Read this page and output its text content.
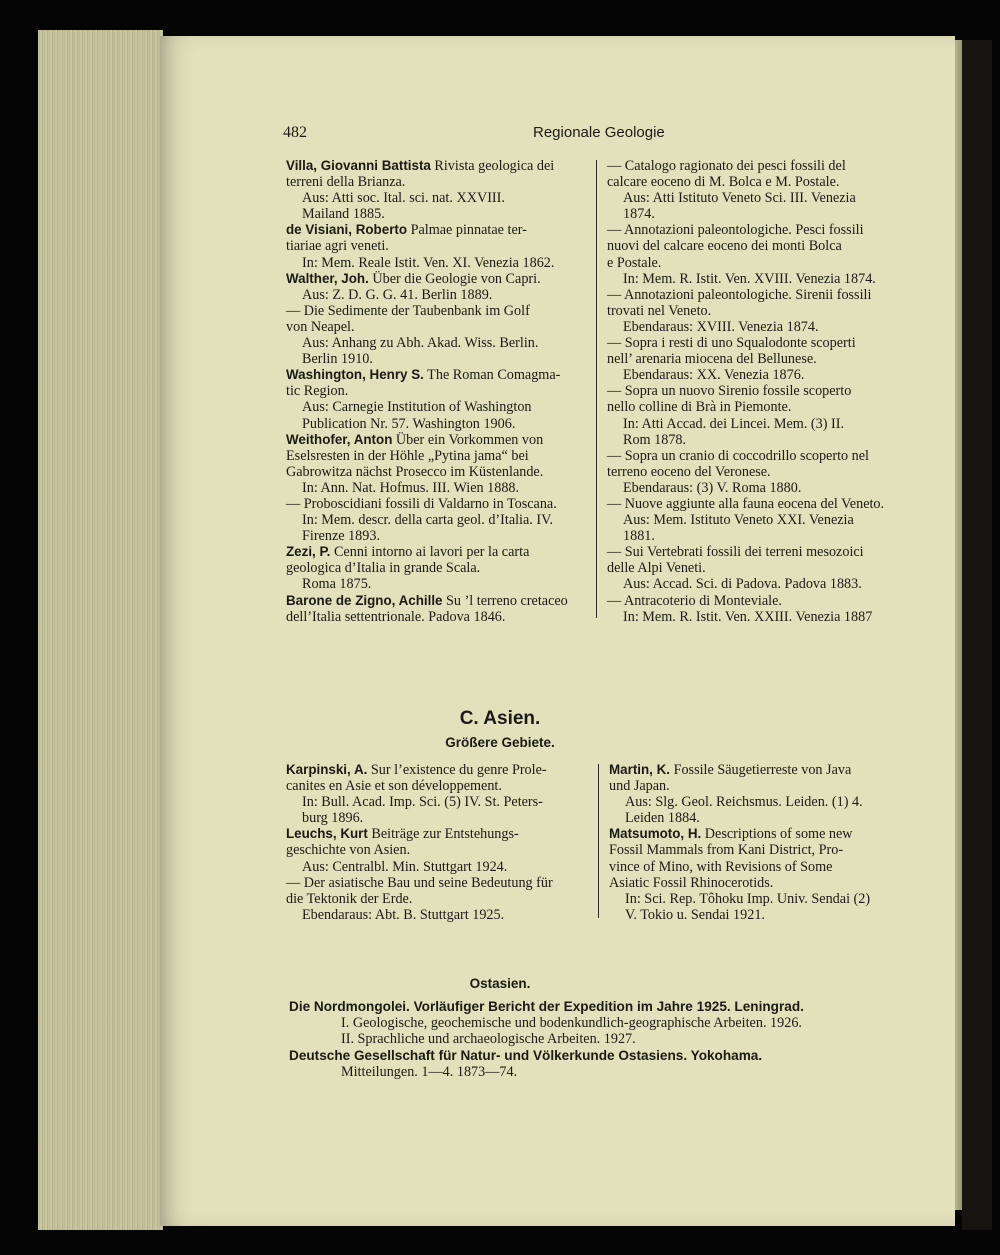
482	Regionale Geologie

Villa, Giovanni Battista Rivista geologica dei

terreni della Brianza.

Aus: Atti soc. Ital. sci. nat. XXVIII.

Mailand 1885.

de Visiani, Roberto Palmae pinnatae ter-

tiariae agri veneti.

In: Mem. Reale Istit. Ven. XI. Venezia 1862.

Walther, Joh. Über die Geologie von Capri.

Aus: Z. D. G. G. 41. Berlin 1889.

— Die Sedimente der Taubenbank im Golf

von Neapel.

Aus: Anhang zu Abh. Akad. Wiss. Berlin.

Berlin 1910.

Washington, Henry S. The Roman Comagma-

tic Region.

Aus: Carnegie Institution of Washington

Publication Nr. 57. Washington 1906.

Weithofer, Anton Über ein Vorkommen von

Eselsresten in der Höhle „Pytina jama“ bei

Gabrowitza nächst Prosecco im Küstenlande.

In: Ann. Nat. Hofmus. III. Wien 1888.

— Proboscidiani fossili di Valdarno in Toscana.

In: Mem. descr. della carta geol. d’Italia. IV.

Firenze 1893.

Zezi, P. Cenni intorno ai lavori per la carta

geologica d’Italia in grande Scala.

Roma 1875.

Barone de Zigno, Achille Su ’l terreno cretaceo

dell’Italia settentrionale. Padova 1846.

— Catalogo ragionato dei pesci fossili del

calcare eoceno di M. Bolca e M. Postale.

Aus: Atti Istituto Veneto Sci. III. Venezia

1874.

— Annotazioni paleontologiche. Pesci fossili

nuovi del calcare eoceno dei monti Bolca

e Postale.

In: Mem. R. Istit. Ven. XVIII. Venezia 1874.

— Annotazioni paleontologiche. Sirenii fossili

trovati nel Veneto.

Ebendaraus: XVIII. Venezia 1874.

— Sopra i resti di uno Squalodonte scoperti

nell’ arenaria miocena del Bellunese.

Ebendaraus: XX. Venezia 1876.

— Sopra un nuovo Sirenio fossile scoperto

nello colline di Brà in Piemonte.

In: Atti Accad. dei Lincei. Mem. (3) II.

Rom 1878.

— Sopra un cranio di coccodrillo scoperto nel

terreno eoceno del Veronese.

Ebendaraus: (3) V. Roma 1880.

— Nuove aggiunte alla fauna eocena del Veneto.

Aus: Mem. Istituto Veneto XXI. Venezia

1881.

— Sui Vertebrati fossili dei terreni mesozoici

delle Alpi Veneti.

Aus: Accad. Sci. di Padova. Padova 1883.

— Antracoterio di Monteviale.

In: Mem. R. Istit. Ven. XXIII. Venezia 1887

C. Asien.
Größere Gebiete.

Karpinski, A. Sur l’existence du genre Prole-

canites en Asie et son développement.

In: Bull. Acad. Imp. Sci. (5) IV. St. Peters-

burg 1896.

Leuchs, Kurt Beiträge zur Entstehungs-

geschichte von Asien.

Aus: Centralbl. Min. Stuttgart 1924.

— Der asiatische Bau und seine Bedeutung für

die Tektonik der Erde.

Ebendaraus: Abt. B. Stuttgart 1925.

Martin, K. Fossile Säugetierreste von Java

und Japan.

Aus: Slg. Geol. Reichsmus. Leiden. (1) 4.

Leiden 1884.

Matsumoto, H. Descriptions of some new

Fossil Mammals from Kani District, Pro-

vince of Mino, with Revisions of Some

Asiatic Fossil Rhinocerotids.

In: Sci. Rep. Tôhoku Imp. Univ. Sendai (2)

V. Tokio u. Sendai 1921.

Ostasien.

Die Nordmongolei. Vorläufiger Bericht der Expedition im Jahre 1925. Leningrad.

I. Geologische, geochemische und bodenkundlich-geographische Arbeiten. 1926.

II. Sprachliche und archaeologische Arbeiten. 1927.

Deutsche Gesellschaft für Natur- und Völkerkunde Ostasiens. Yokohama.

Mitteilungen. 1—4. 1873—74.
